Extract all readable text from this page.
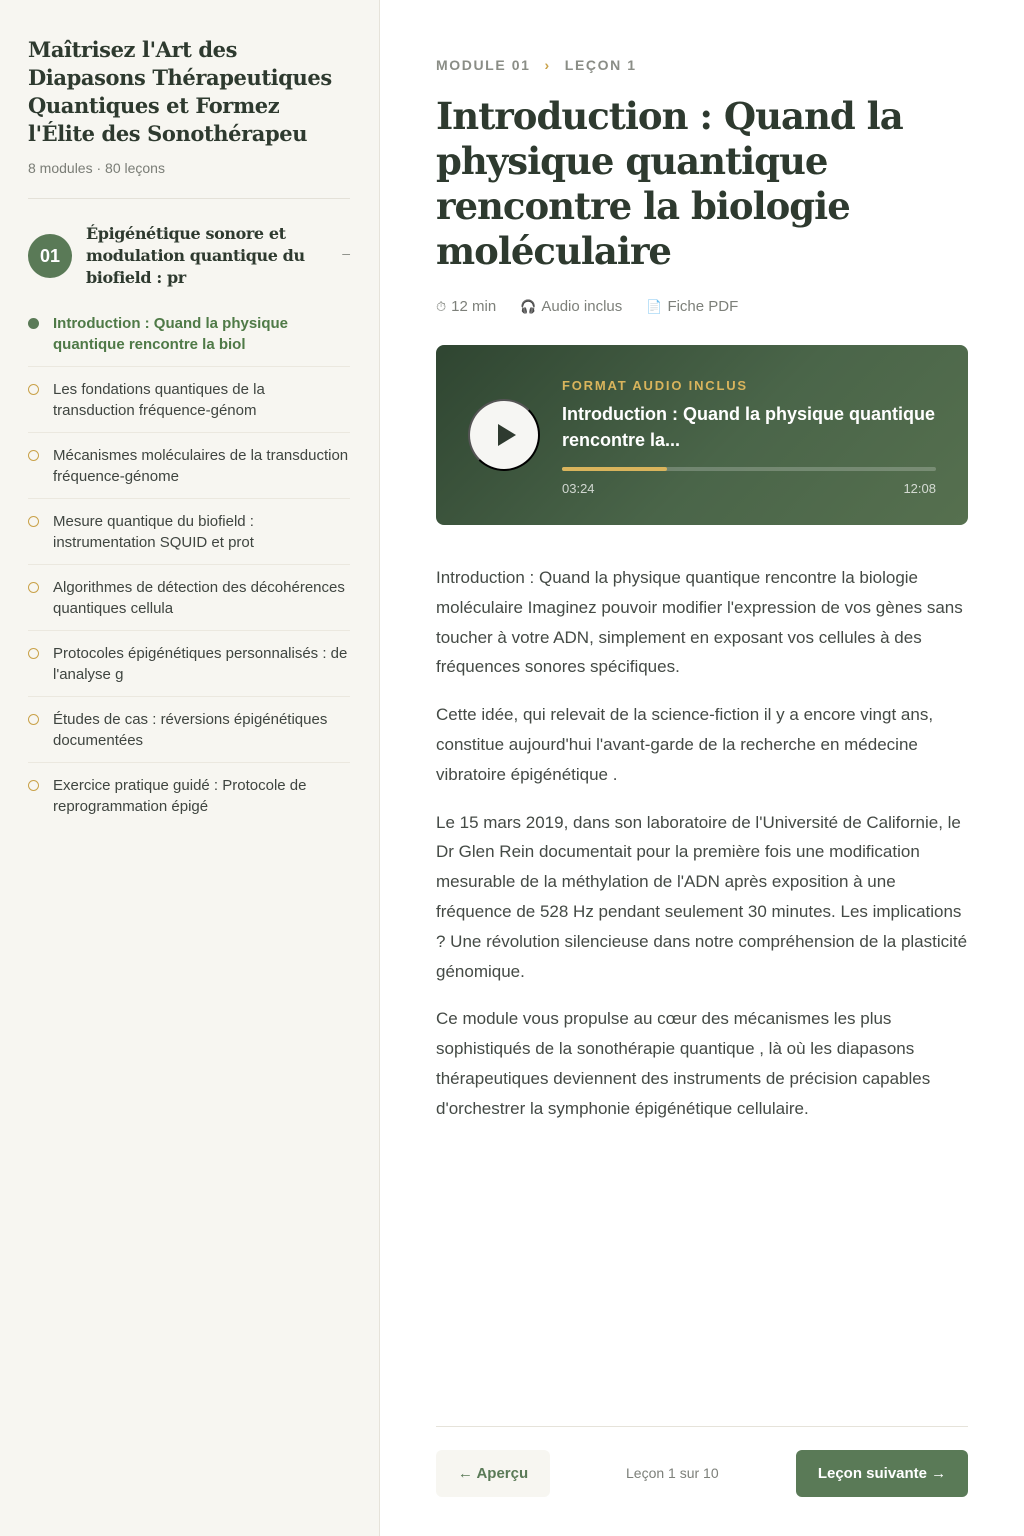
Maîtrisez l'Art des Diapasons Thérapeutiques Quantiques et Formez l'Élite des Sonothérapeu
8 modules · 80 leçons
01
Épigénétique sonore et modulation quantique du biofield : pr
–
Introduction : Quand la physique quantique rencontre la biol
Les fondations quantiques de la transduction fréquence-génom
Mécanismes moléculaires de la transduction fréquence-génome
Mesure quantique du biofield : instrumentation SQUID et prot
Algorithmes de détection des décohérences quantiques cellula
Protocoles épigénétiques personnalisés : de l'analyse g
Études de cas : réversions épigénétiques documentées
Exercice pratique guidé : Protocole de reprogrammation épigé
MODULE 01 › LEÇON 1
Introduction : Quand la physique quantique rencontre la biologie moléculaire
⏱ 12 min 🎧 Audio inclus 📄 Fiche PDF
FORMAT AUDIO INCLUS
Introduction : Quand la physique quantique rencontre la...
03:24	12:08

Introduction : Quand la physique quantique rencontre la biologie moléculaire Imaginez pouvoir modifier l'expression de vos gènes sans toucher à votre ADN, simplement en exposant vos cellules à des fréquences sonores spécifiques.

Cette idée, qui relevait de la science-fiction il y a encore vingt ans, constitue aujourd'hui l'avant-garde de la recherche en médecine vibratoire épigénétique .

Le 15 mars 2019, dans son laboratoire de l'Université de Californie, le Dr Glen Rein documentait pour la première fois une modification mesurable de la méthylation de l'ADN après exposition à une fréquence de 528 Hz pendant seulement 30 minutes. Les implications ? Une révolution silencieuse dans notre compréhension de la plasticité génomique.

Ce module vous propulse au cœur des mécanismes les plus sophistiqués de la sonothérapie quantique , là où les diapasons thérapeutiques deviennent des instruments de précision capables d'orchestrer la symphonie épigénétique cellulaire.

← Aperçu	Leçon 1 sur 10	Leçon suivante →
